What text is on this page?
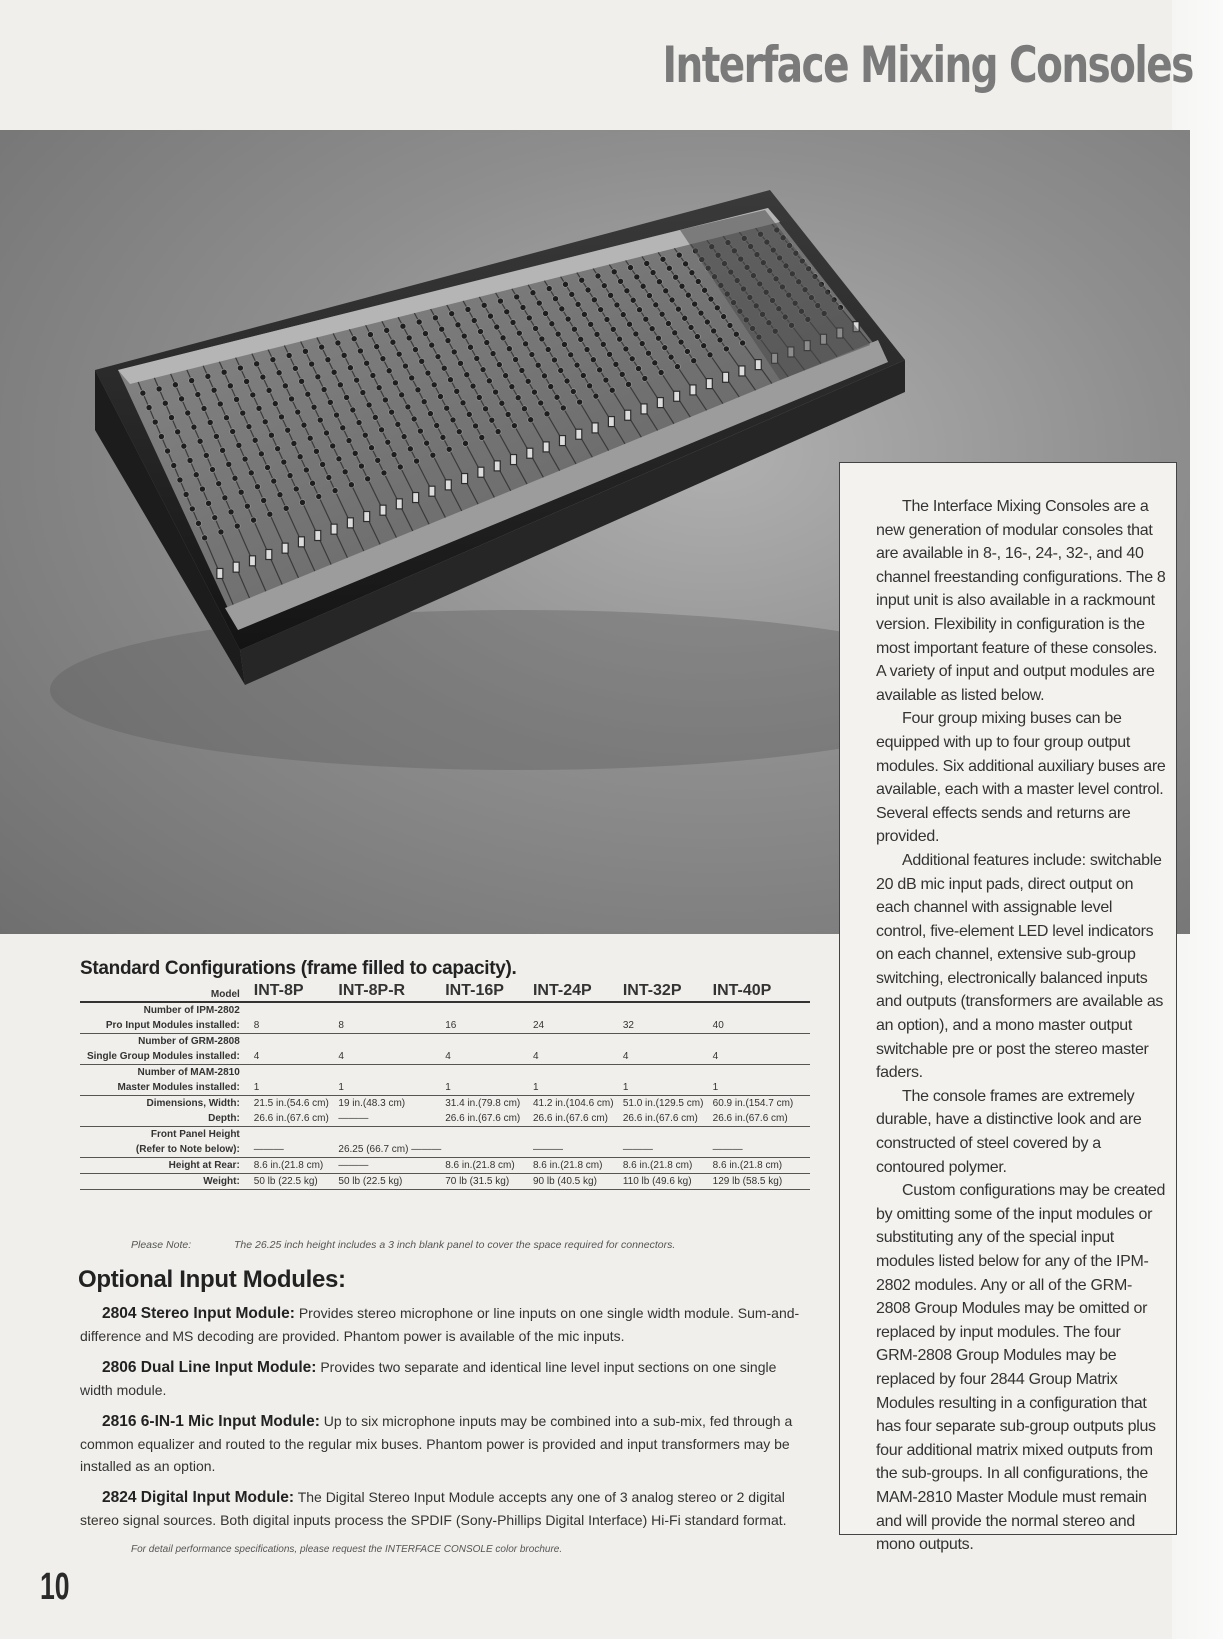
Interface Mixing Consoles

The Interface Mixing Consoles are a new generation of modular consoles that are available in 8-, 16-, 24-, 32-, and 40 channel freestanding configurations. The 8 input unit is also available in a rackmount version. Flexibility in configuration is the most important feature of these consoles. A variety of input and output modules are available as listed below.

Four group mixing buses can be equipped with up to four group output modules. Six additional auxiliary buses are available, each with a master level control. Several effects sends and returns are provided.

Additional features include: switchable 20 dB mic input pads, direct output on each channel with assignable level control, five-element LED level indicators on each channel, extensive sub-group switching, electronically balanced inputs and outputs (transformers are available as an option), and a mono master output switchable pre or post the stereo master faders.

The console frames are extremely durable, have a distinctive look and are constructed of steel covered by a contoured polymer.

Custom configurations may be created by omitting some of the input modules or substituting any of the special input modules listed below for any of the IPM-2802 modules. Any or all of the GRM-2808 Group Modules may be omitted or replaced by input modules. The four GRM-2808 Group Modules may be replaced by four 2844 Group Matrix Modules resulting in a configuration that has four separate sub-group outputs plus four additional matrix mixed outputs from the sub-groups. In all configurations, the MAM-2810 Master Module must remain and will provide the normal stereo and mono outputs.

Standard Configurations (frame filled to capacity).
Model	INT-8P	INT-8P-R	INT-16P	INT-24P	INT-32P	INT-40P
Number of IPM-2802						
Pro Input Modules installed:	8	8	16	24	32	40
Number of GRM-2808						
Single Group Modules installed:	4	4	4	4	4	4
Number of MAM-2810						
Master Modules installed:	1	1	1	1	1	1
Dimensions, Width:	21.5 in.(54.6 cm)	19 in.(48.3 cm)	31.4 in.(79.8 cm)	41.2 in.(104.6 cm)	51.0 in.(129.5 cm)	60.9 in.(154.7 cm)
Depth:	26.6 in.(67.6 cm)	———	26.6 in.(67.6 cm)	26.6 in.(67.6 cm)	26.6 in.(67.6 cm)	26.6 in.(67.6 cm)
Front Panel Height						
(Refer to Note below):	———	26.25 (66.7 cm) ———		———	———	———
Height at Rear:	8.6 in.(21.8 cm)	———	8.6 in.(21.8 cm)	8.6 in.(21.8 cm)	8.6 in.(21.8 cm)	8.6 in.(21.8 cm)
Weight:	50 lb (22.5 kg)	50 lb (22.5 kg)	70 lb (31.5 kg)	90 lb (40.5 kg)	110 lb (49.6 kg)	129 lb (58.5 kg)
Please Note:	The 26.25 inch height includes a 3 inch blank panel to cover the space required for connectors.
Optional Input Modules:
2804 Stereo Input Module: Provides stereo microphone or line inputs on one single width module. Sum-and-difference and MS decoding are provided. Phantom power is available of the mic inputs.
2806 Dual Line Input Module: Provides two separate and identical line level input sections on one single width module.
2816 6-IN-1 Mic Input Module: Up to six microphone inputs may be combined into a sub-mix, fed through a common equalizer and routed to the regular mix buses. Phantom power is provided and input transformers may be installed as an option.
2824 Digital Input Module: The Digital Stereo Input Module accepts any one of 3 analog stereo or 2 digital stereo signal sources. Both digital inputs process the SPDIF (Sony-Phillips Digital Interface) Hi-Fi standard format.
For detail performance specifications, please request the INTERFACE CONSOLE color brochure.
10
